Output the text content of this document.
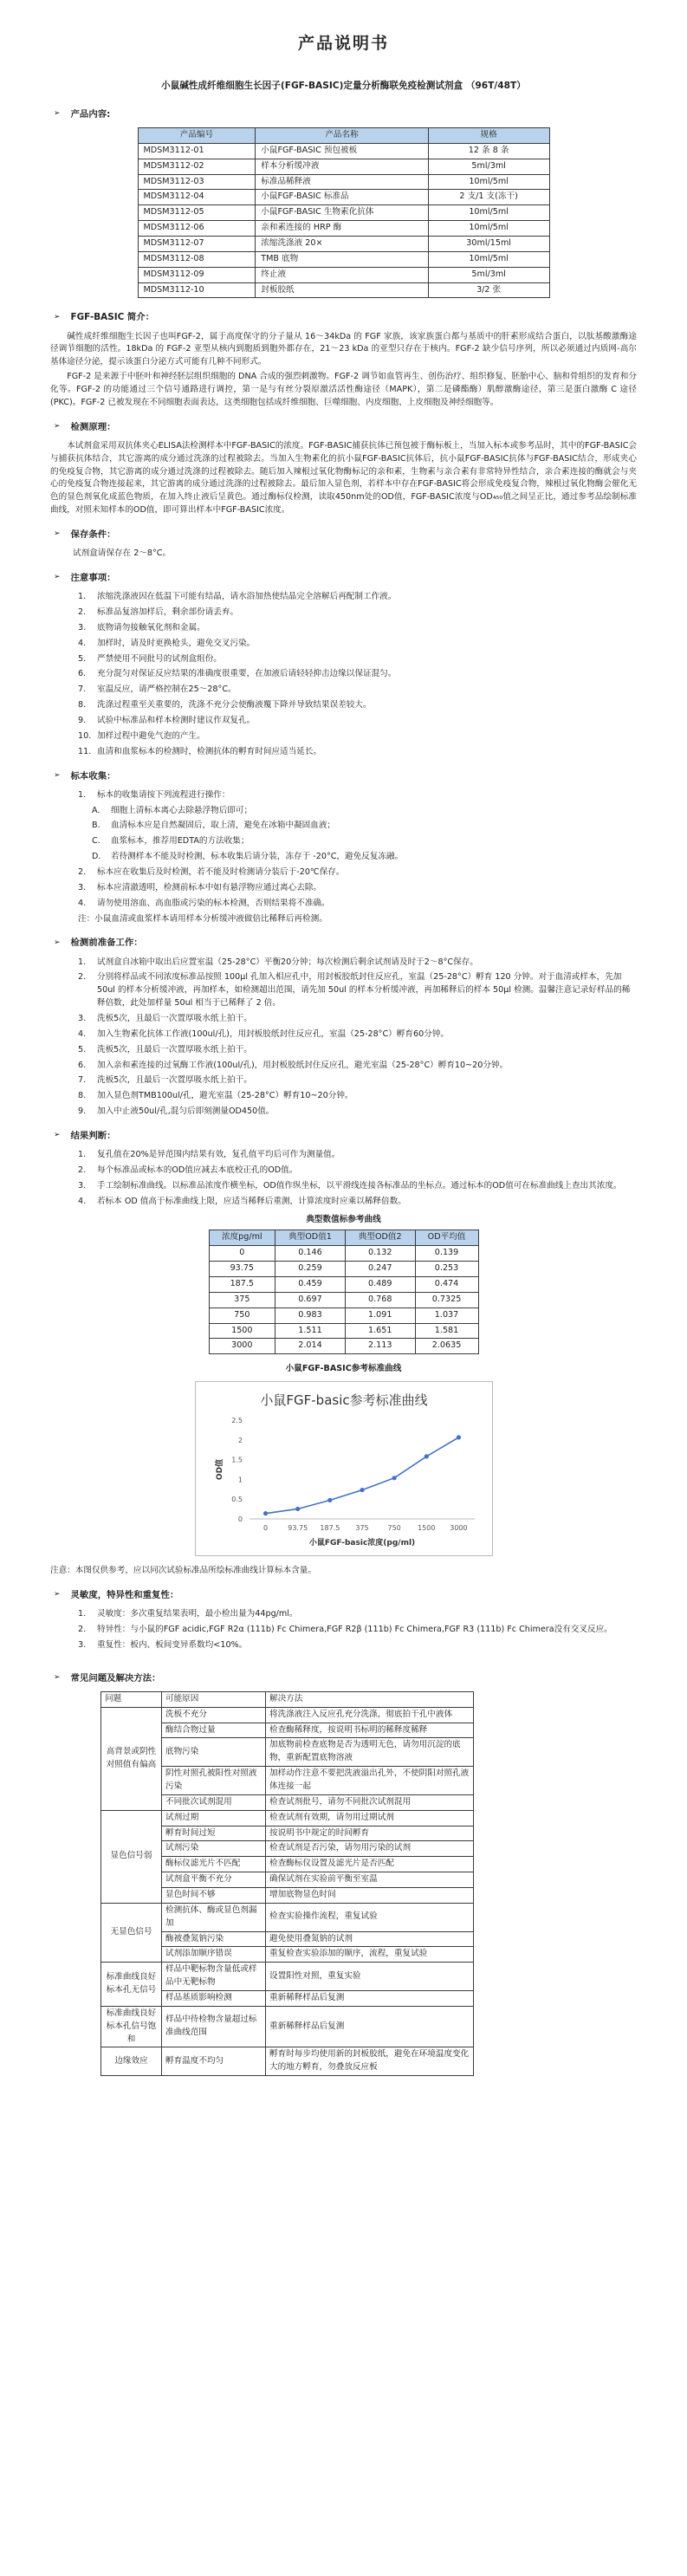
产品说明书
小鼠碱性成纤维细胞生长因子(FGF-BASIC)定量分析酶联免疫检测试剂盒 （96T/48T）
➢ 产品内容:
产品编号	产品名称	规格
MDSM3112-01	小鼠FGF-BASIC 预包被板	12 条 8 条
MDSM3112-02	样本分析缓冲液	5ml/3ml
MDSM3112-03	标准品稀释液	10ml/5ml
MDSM3112-04	小鼠FGF-BASIC 标准品	2 支/1 支(冻干)
MDSM3112-05	小鼠FGF-BASIC 生物素化抗体	10ml/5ml
MDSM3112-06	亲和素连接的 HRP 酶	10ml/5ml
MDSM3112-07	浓缩洗涤液 20×	30ml/15ml
MDSM3112-08	TMB 底物	10ml/5ml
MDSM3112-09	终止液	5ml/3ml
MDSM3112-10	封板胶纸	3/2 张
➢ FGF-BASIC 简介：

碱性成纤维细胞生长因子也叫FGF-2，属于高度保守的分子量从 16～34kDa 的 FGF 家族，该家族蛋白都与基质中的肝素形成结合蛋白，以肽基酸激酶途径调节细胞的活性。18kDa 的 FGF-2 亚型从核内到胞质到胞外都存在，21～23 kDa 的亚型只存在于核内。FGF-2 缺少信号序列，所以必须通过内质网-高尔基体途径分泌，提示该蛋白分泌方式可能有几种不同形式。

FGF-2 是来源于中胚叶和神经胚层组织细胞的 DNA 合成的强烈刺激物。FGF-2 调节如血管再生、创伤治疗、组织修复、胚胎中心、脑和骨组织的发育和分化等。FGF-2 的功能通过三个信号通路进行调控，第一是与有丝分裂原激活活性酶途径（MAPK），第二是磷酯酶）肌醇激酶途径，第三是蛋白激酶 C 途径(PKC)。FGF-2 已被发现在不同细胞表面表达，这类细胞包括成纤维细胞、巨噬细胞、内皮细胞、上皮细胞及神经细胞等。

➢ 检测原理：

本试剂盒采用双抗体夹心ELISA法检测样本中FGF-BASIC的浓度。FGF-BASIC捕获抗体已预包被于酶标板上，当加入标本或参考品时，其中的FGF-BASIC会与捕获抗体结合，其它游离的成分通过洗涤的过程被除去。当加入生物素化的抗小鼠FGF-BASIC抗体后，抗小鼠FGF-BASIC抗体与FGF-BASIC结合，形成夹心的免疫复合物，其它游离的成分通过洗涤的过程被除去。随后加入辣根过氧化物酶标记的亲和素，生物素与亲合素有非常特异性结合，亲合素连接的酶就会与夹心的免疫复合物连接起来，其它游离的成分通过洗涤的过程被除去。最后加入显色剂，若样本中存在FGF-BASIC将会形成免疫复合物，辣根过氧化物酶会催化无色的显色剂氧化成蓝色物质，在加入终止液后呈黄色。通过酶标仪检测，读取450nm处的OD值，FGF-BASIC浓度与OD₄₅₀值之间呈正比，通过参考品绘制标准曲线，对照未知样本的OD值，即可算出样本中FGF-BASIC浓度。

➢ 保存条件：

试剂盒请保存在 2～8°C。

➢ 注意事项：
1.	浓缩洗涤液因在低温下可能有结晶，请水浴加热使结晶完全溶解后再配制工作液。
2.	标准品复溶加样后，剩余部份请丢弃。
3.	底物请勿接触氧化剂和金属。
4.	加样时，请及时更换枪头，避免交叉污染。
5.	严禁使用不同批号的试剂盒组份。
6.	充分混匀对保证反应结果的准确度很重要，在加液后请轻轻抑击边缘以保证混匀。
7.	室温反应，请严格控制在25～28°C。
8.	洗涤过程重至关重要的，洗涤不充分会使酶液覆下降并导致结果误差较大。
9.	试验中标准品和样本检测时建议作双复孔。
10. 加样过程中避免气泡的产生。
11. 血清和血浆标本的检测时，检测抗体的孵育时间应适当延长。
➢ 标本收集：
1.	标本的收集请按下列流程进行操作：
A.	细胞上清标本离心去除悬浮物后即可；
B.	血清标本应是自然凝固后，取上清，避免在冰箱中凝固血液；
C.	血浆标本，推荐用EDTA的方法收集；
D.	若待测样本不能及时检测，标本收集后请分装，冻存于 -20°C，避免反复冻融。
2.	标本应在收集后及时检测，若不能及时检测请分装后于-20℃保存。
3.	标本应清澈透明，检测前标本中如有悬浮物应通过离心去除。
4.	请勿使用溶血、高血脂或污染的标本检测，否则结果将不准确。

注：小鼠血清或血浆样本请用样本分析缓冲液做倍比稀释后再检测。

➢ 检测前准备工作：
1.	试剂盒自冰箱中取出后应置室温（25-28°C）平衡20分钟；每次检测后剩余试剂请及时于2～8°C保存。
2.	分别将样品或不同浓度标准品按照 100μl 孔加入相应孔中，用封板胶纸封住反应孔，室温（25-28°C）孵育 120 分钟。对于血清或样本，先加 50ul 的样本分析缓冲液，再加样本，如检测超出范围，请先加 50ul 的样本分析缓冲液，再加稀释后的样本 50μl 检测。温馨注意记录好样品的稀释倍数，此处加样量 50ul 相当于已稀释了 2 倍。
3.	洗板5次，且最后一次置厚吸水纸上拍干。
4.	加入生物素化抗体工作液(100ul/孔)，用封板胶纸封住反应孔，室温（25-28°C）孵育60分钟。
5.	洗板5次，且最后一次置厚吸水纸上拍干。
6.	加入亲和素连接的过氧酶工作液(100ul/孔)，用封板胶纸封住反应孔，避光室温（25-28°C）孵育10~20分钟。
7.	洗板5次，且最后一次置厚吸水纸上拍干。
8.	加入显色剂TMB100ul/孔，避光室温（25-28°C）孵育10~20分钟。
9.	加入中止液50ul/孔,混匀后即刻测量OD450值。
➢ 结果判断：
1.	复孔值在20%是异范围内结果有效，复孔值平均后可作为测量值。
2.	每个标准品或标本的OD值应减去本底校正孔的OD值。
3.	手工绘制标准曲线。以标准品浓度作横坐标，OD值作纵坐标，以平滑线连接各标准品的坐标点。通过标本的OD值可在标准曲线上查出其浓度。
4.	若标本 OD 值高于标准曲线上限，应适当稀释后重测，计算浓度时应乘以稀释倍数。
典型数值标参考曲线
浓度pg/ml	典型OD值1	典型OD值2	OD平均值
0	0.146	0.132	0.139
93.75	0.259	0.247	0.253
187.5	0.459	0.489	0.474
375	0.697	0.768	0.7325
750	0.983	1.091	1.037
1500	1.511	1.651	1.581
3000	2.014	2.113	2.0635
小鼠FGF-BASIC参考标准曲线
小鼠FGF-basic参考标准曲线
0
0.5
1
1.5
2
2.5
0	93.75 187.5 375	750 1500 3000
小鼠FGF-basic浓度(pg/ml)
OD值

注意：本图仅供参考，应以同次试验标准品所绘标准曲线计算标本含量。

➢ 灵敏度，特异性和重复性：
1.	灵敏度：多次重复结果表明，最小检出量为44pg/ml。
2.	特异性：与小鼠的FGF acidic,FGF R2α (111b) Fc Chimera,FGF R2β (111b) Fc Chimera,FGF R3 (111b) Fc Chimera没有交叉反应。
3.	重复性：板内、板间变异系数均<10%。
➢ 常见问题及解决方法：
问题	可能原因	解决方法
高背景或阴性对照值有偏高	洗板不充分	将洗涤液注入反应孔充分洗涤，彻底拍干孔中液体
	酶结合物过量	检查酶稀释度，按说明书标明的稀释度稀释
	底物污染	加底物前检查底物是否为透明无色，请勿用沉淀的底物，重新配置底物溶液
	阴性对照孔被阳性对照液污染	加样动作注意不要把洗液溢出孔外，不使阴阳对照孔液体连接一起
	不同批次试剂混用	检查试剂批号，请勿不同批次试剂混用
显色信号弱	试剂过期	检查试剂有效期，请勿用过期试剂
	孵育时间过短	按说明书中规定的时间孵育
	试剂污染	检查试剂是否污染，请勿用污染的试剂
	酶标仪滤光片不匹配	检查酶标仪设置及滤光片是否匹配
	试剂盒平衡不充分	确保试剂在实验前平衡至室温
	显色时间不够	增加底物显色时间
无显色信号	检测抗体、酶或显色剂漏加	检查实验操作流程，重复试验
	酶被叠氮钠污染	避免使用叠氮钠的试剂
	试剂添加顺序错误	重复检查实验添加的顺序，流程，重复试验
标准曲线良好标本孔无信号	样品中靶标物含量低或样品中无靶标物	设置阳性对照，重复实验
	样品基质影响检测	重新稀释样品后复测
标准曲线良好标本孔信号饱和	样品中待检物含量超过标准曲线范围	重新稀释样品后复测
边缘效应	孵育温度不均匀	孵育时每步均使用新的封板胶纸，避免在环境温度变化大的地方孵育，勿叠放反应板
